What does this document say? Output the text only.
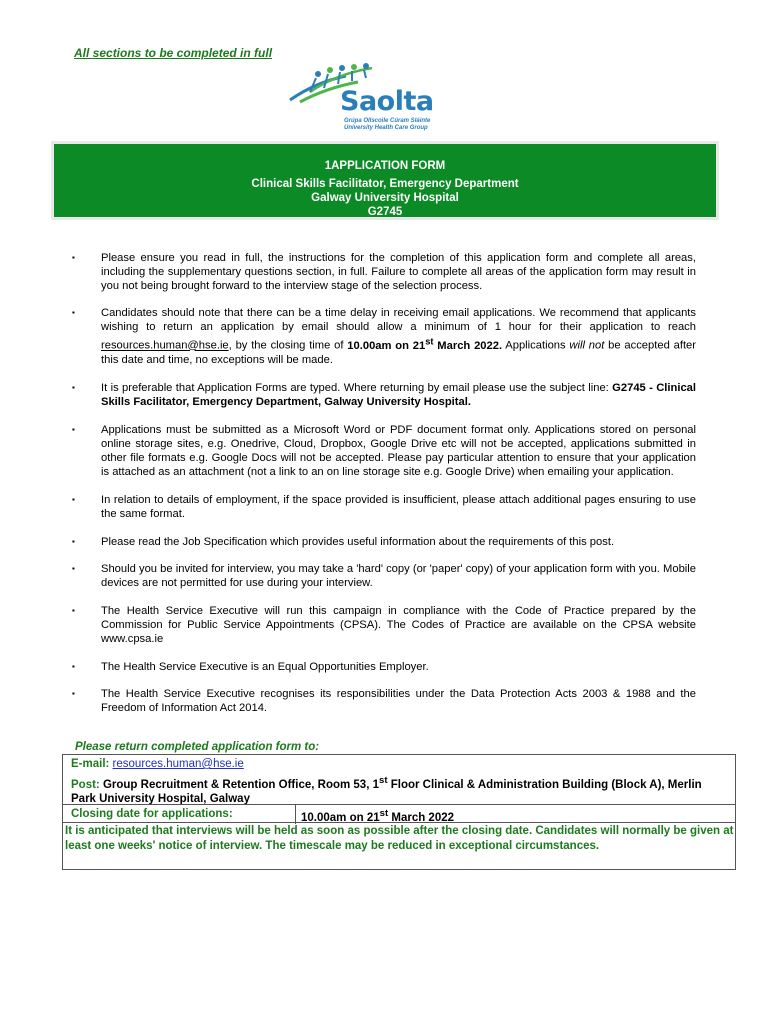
All sections to be completed in full
Saolta
Grúpa Ollscoile Cúram Sláinte
University Health Care Group
1APPLICATION FORM
Clinical Skills Facilitator, Emergency Department
Galway University Hospital
G2745
▪ Please ensure you read in full, the instructions for the completion of this application form and complete all areas, including the supplementary questions section, in full. Failure to complete all areas of the application form may result in you not being brought forward to the interview stage of the selection process.
▪ Candidates should note that there can be a time delay in receiving email applications. We recommend that applicants wishing to return an application by email should allow a minimum of 1 hour for their application to reach resources.human@hse.ie, by the closing time of 10.00am on 21st March 2022. Applications will not be accepted after this date and time, no exceptions will be made.
▪ It is preferable that Application Forms are typed. Where returning by email please use the subject line: G2745 - Clinical Skills Facilitator, Emergency Department, Galway University Hospital.
▪ Applications must be submitted as a Microsoft Word or PDF document format only. Applications stored on personal online storage sites, e.g. Onedrive, Cloud, Dropbox, Google Drive etc will not be accepted, applications submitted in other file formats e.g. Google Docs will not be accepted. Please pay particular attention to ensure that your application is attached as an attachment (not a link to an on line storage site e.g. Google Drive) when emailing your application.
▪ In relation to details of employment, if the space provided is insufficient, please attach additional pages ensuring to use the same format.
▪ Please read the Job Specification which provides useful information about the requirements of this post.
▪ Should you be invited for interview, you may take a 'hard' copy (or 'paper' copy) of your application form with you. Mobile devices are not permitted for use during your interview.
▪ The Health Service Executive will run this campaign in compliance with the Code of Practice prepared by the Commission for Public Service Appointments (CPSA). The Codes of Practice are available on the CPSA website www.cpsa.ie
▪ The Health Service Executive is an Equal Opportunities Employer.
▪ The Health Service Executive recognises its responsibilities under the Data Protection Acts 2003 & 1988 and the Freedom of Information Act 2014.
Please return completed application form to:
E-mail: resources.human@hse.ie
Post: Group Recruitment & Retention Office, Room 53, 1st Floor Clinical & Administration Building (Block A), Merlin Park University Hospital, Galway
Closing date for applications:	10.00am on 21st March 2022
It is anticipated that interviews will be held as soon as possible after the closing date. Candidates will normally be given at least one weeks' notice of interview. The timescale may be reduced in exceptional circumstances.
